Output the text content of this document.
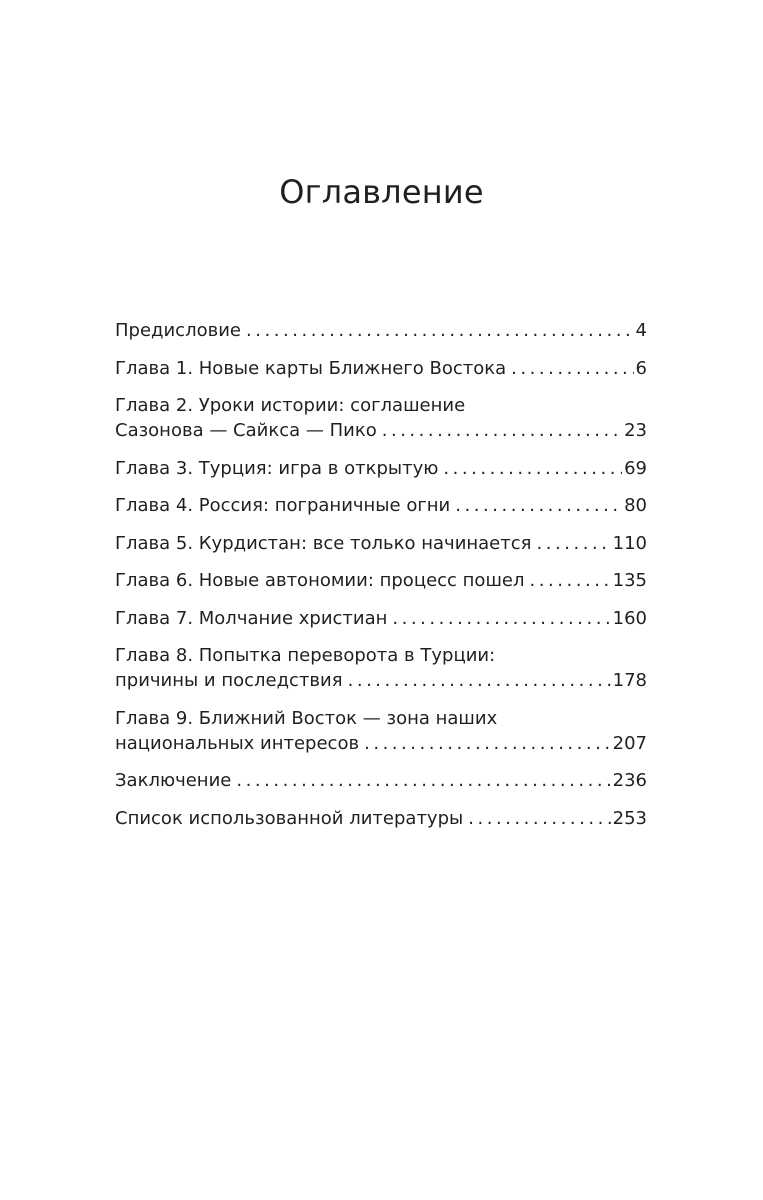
Оглавление
Предисловие . . .	4
Глава 1. Новые карты Ближнего Востока . . .	6
Глава 2. Уроки истории: соглашение
Сазонова — Сайкса — Пико . . .	23
Глава 3. Турция: игра в открытую . . .	69
Глава 4. Россия: пограничные огни . . .	80
Глава 5. Курдистан: все только начинается . . .	110
Глава 6. Новые автономии: процесс пошел . . .	135
Глава 7. Молчание христиан . . .	160
Глава 8. Попытка переворота в Турции:
причины и последствия . . .	178
Глава 9. Ближний Восток — зона наших
национальных интересов . . .	207
Заключение . . .	236
Список использованной литературы . . .	253
